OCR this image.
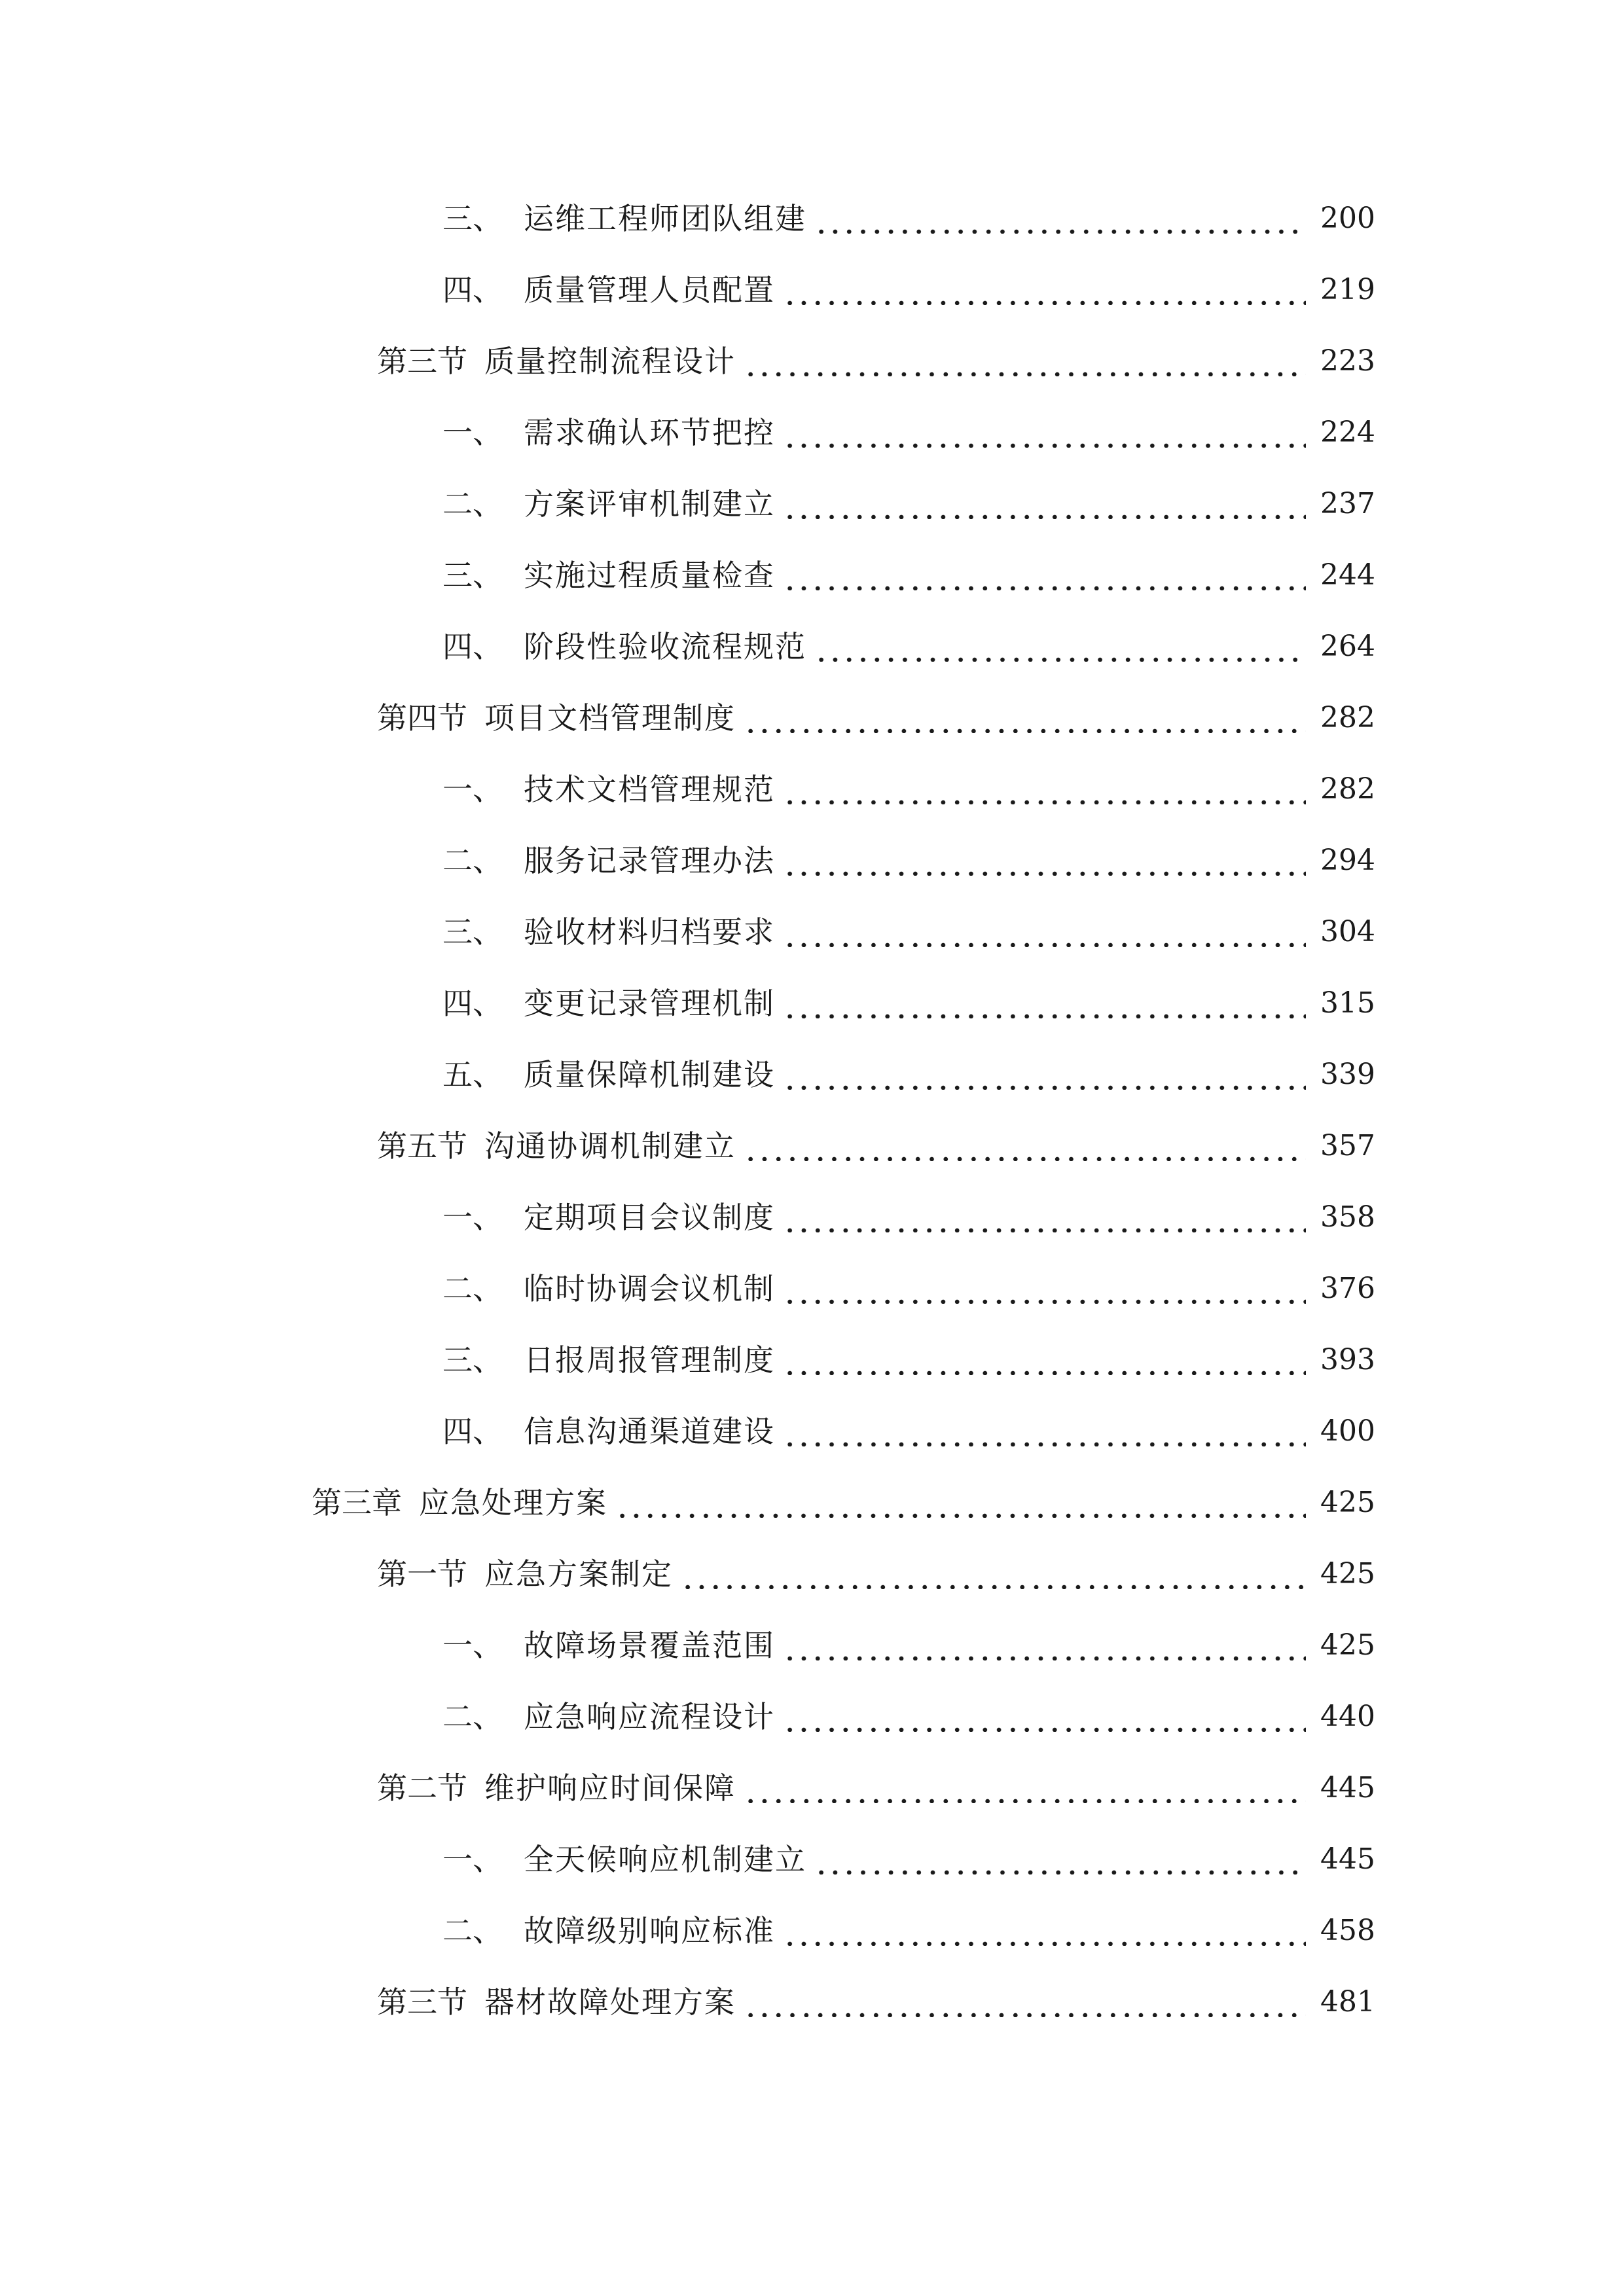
三、 运维工程师团队组建	200
四、 质量管理人员配置	219
第三节 质量控制流程设计	223
一、 需求确认环节把控	224
二、 方案评审机制建立	237
三、 实施过程质量检查	244
四、 阶段性验收流程规范	264
第四节 项目文档管理制度	282
一、 技术文档管理规范	282
二、 服务记录管理办法	294
三、 验收材料归档要求	304
四、 变更记录管理机制	315
五、 质量保障机制建设	339
第五节 沟通协调机制建立	357
一、 定期项目会议制度	358
二、 临时协调会议机制	376
三、 日报周报管理制度	393
四、 信息沟通渠道建设	400
第三章 应急处理方案	425
第一节 应急方案制定	425
一、 故障场景覆盖范围	425
二、 应急响应流程设计	440
第二节 维护响应时间保障	445
一、 全天候响应机制建立	445
二、 故障级别响应标准	458
第三节 器材故障处理方案	481
